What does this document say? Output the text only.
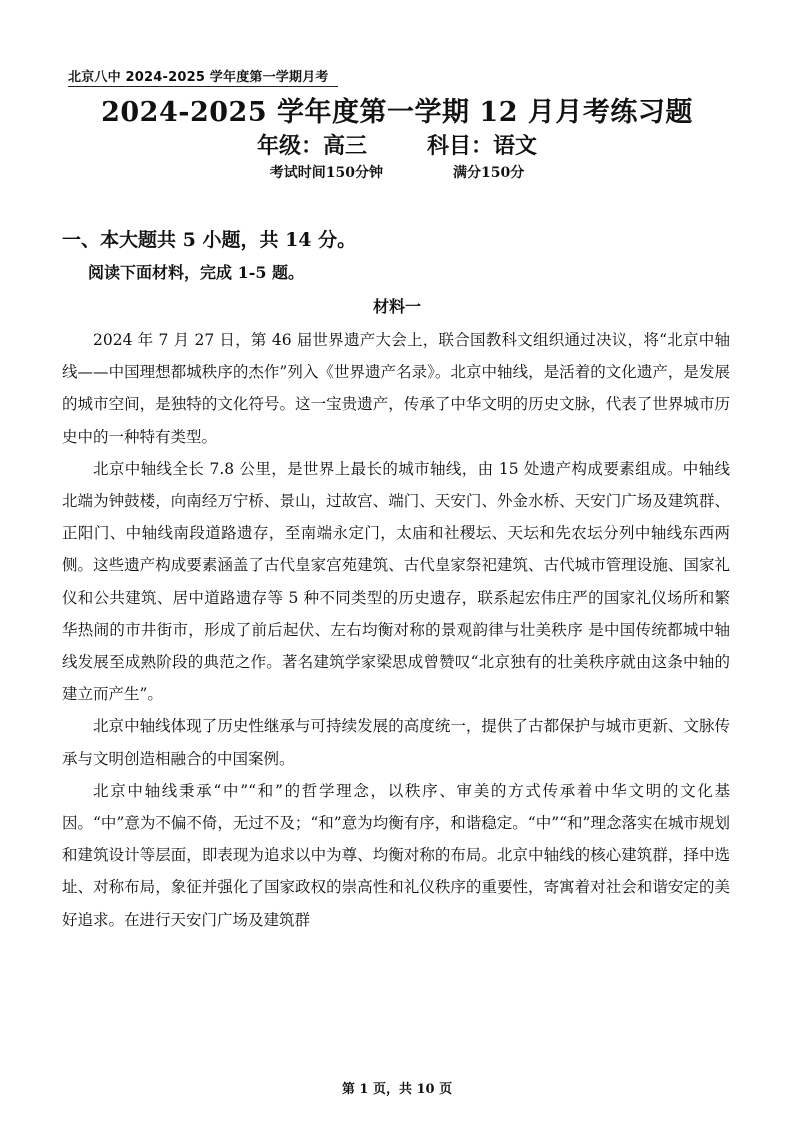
北京八中 2024-2025 学年度第一学期月考
2024-2025 学年度第一学期 12 月月考练习题
年级：高三	科目：语文
考试时间150分钟	满分150分
一、本大题共 5 小题，共 14 分。
阅读下面材料，完成 1-5 题。
材料一

2024 年 7 月 27 日，第 46 届世界遗产大会上，联合国教科文组织通过决议，将“北京中轴线——中国理想都城秩序的杰作”列入《世界遗产名录》。北京中轴线，是活着的文化遗产，是发展的城市空间，是独特的文化符号。这一宝贵遗产，传承了中华文明的历史文脉，代表了世界城市历史中的一种特有类型。

北京中轴线全长 7.8 公里，是世界上最长的城市轴线，由 15 处遗产构成要素组成。中轴线北端为钟鼓楼，向南经万宁桥、景山，过故宫、端门、天安门、外金水桥、天安门广场及建筑群、正阳门、中轴线南段道路遗存，至南端永定门，太庙和社稷坛、天坛和先农坛分列中轴线东西两侧。这些遗产构成要素涵盖了古代皇家宫苑建筑、古代皇家祭祀建筑、古代城市管理设施、国家礼仪和公共建筑、居中道路遗存等 5 种不同类型的历史遗存，联系起宏伟庄严的国家礼仪场所和繁华热闹的市井街市，形成了前后起伏、左右均衡对称的景观韵律与壮美秩序 是中国传统都城中轴线发展至成熟阶段的典范之作。著名建筑学家梁思成曾赞叹“北京独有的壮美秩序就由这条中轴的建立而产生”。

北京中轴线体现了历史性继承与可持续发展的高度统一，提供了古都保护与城市更新、文脉传承与文明创造相融合的中国案例。

北京中轴线秉承“中”“和”的哲学理念，以秩序、审美的方式传承着中华文明的文化基因。“中”意为不偏不倚，无过不及；“和”意为均衡有序，和谐稳定。“中”“和”理念落实在城市规划和建筑设计等层面，即表现为追求以中为尊、均衡对称的布局。北京中轴线的核心建筑群，择中选址、对称布局，象征并强化了国家政权的崇高性和礼仪秩序的重要性，寄寓着对社会和谐安定的美好追求。在进行天安门广场及建筑群

第 1 页，共 10 页
